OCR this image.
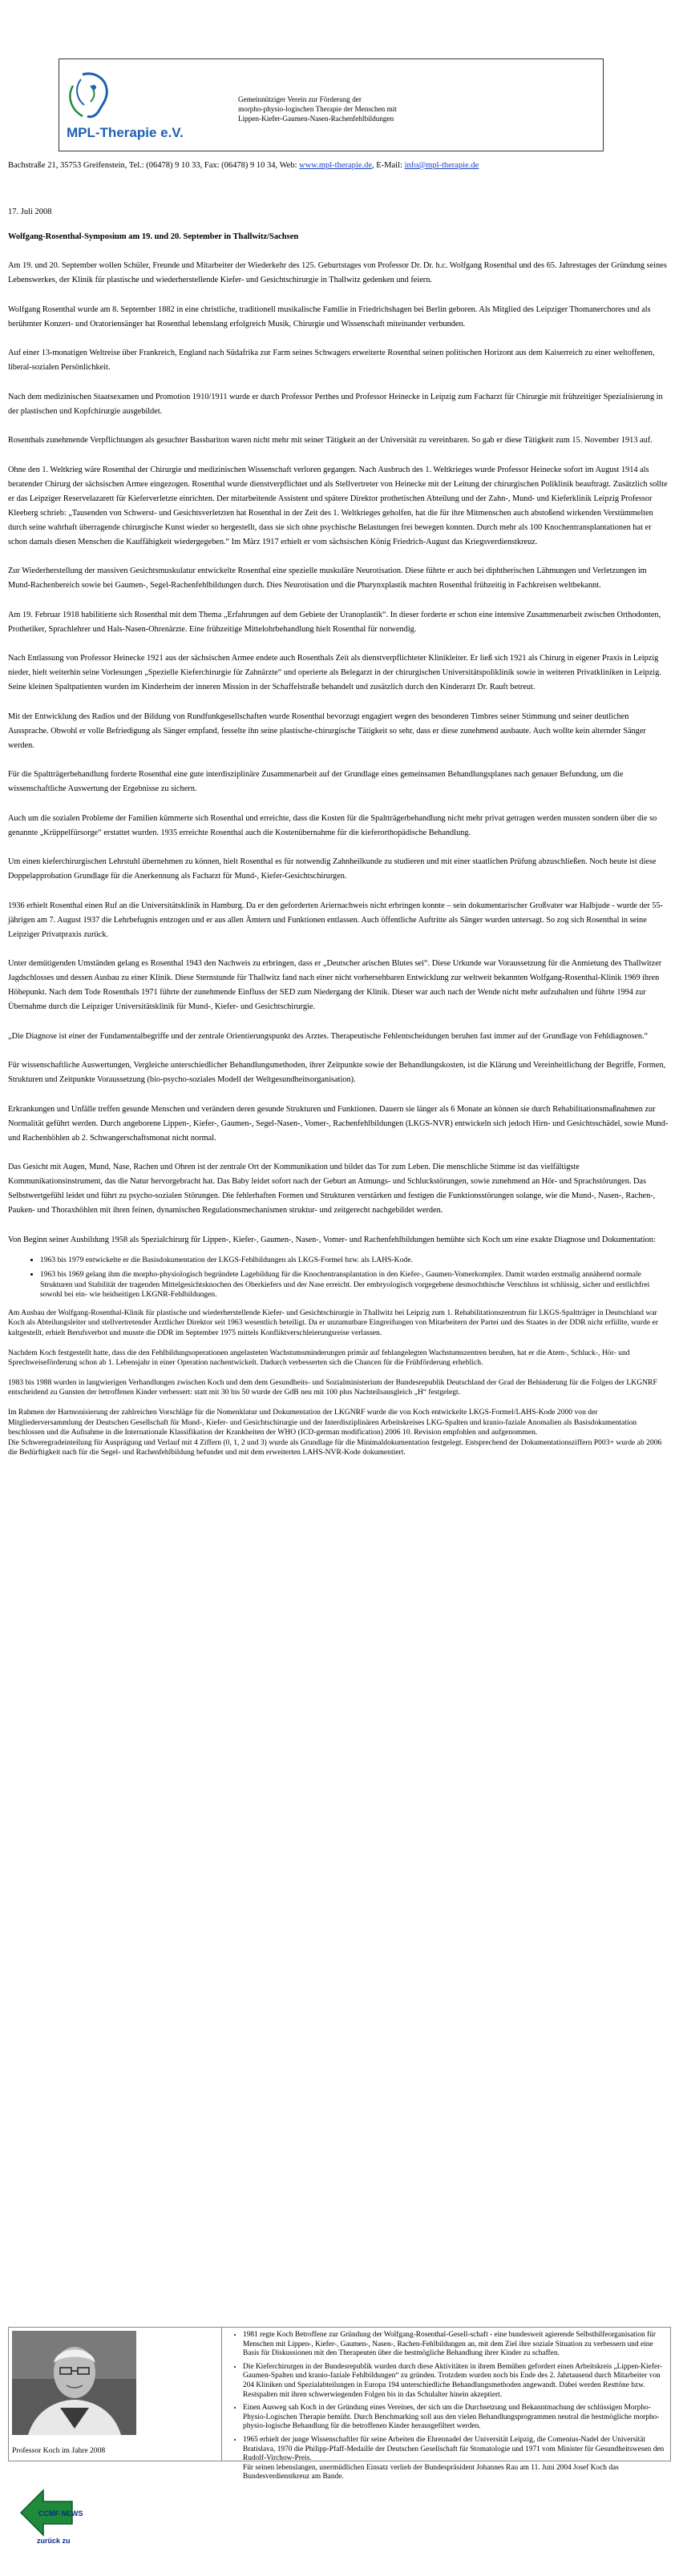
MPL-Therapie e.V.
Gemeinnütziger Verein zur Förderung der
morpho-physio-logischen Therapie der Menschen mit
Lippen-Kiefer-Gaumen-Nasen-Rachenfehlbildungen
Bachstraße 21, 35753 Greifenstein, Tel.: (06478) 9 10 33, Fax: (06478) 9 10 34, Web: www.mpl-therapie.de, E-Mail: info@mpl-therapie.de
17. Juli 2008
Wolfgang-Rosenthal-Symposium am 19. und 20. September in Thallwitz/Sachsen

Am 19. und 20. September wollen Schüler, Freunde und Mitarbeiter der Wiederkehr des 125. Geburtstages von Professor Dr. Dr. h.c. Wolfgang Rosenthal und des 65. Jahrestages der Gründung seines Lebenswerkes, der Klinik für plastische und wiederherstellende Kiefer- und Gesichtschirurgie in Thallwitz gedenken und feiern.

Wolfgang Rosenthal wurde am 8. September 1882 in eine christliche, traditionell musikalische Familie in Friedrichshagen bei Berlin geboren. Als Mitglied des Leipziger Thomanerchores und als berühmter Konzert- und Oratoriensänger hat Rosenthal lebenslang erfolgreich Musik, Chirurgie und Wissenschaft miteinander verbunden.

Auf einer 13-monatigen Weltreise über Frankreich, England nach Südafrika zur Farm seines Schwagers erweiterte Rosenthal seinen politischen Horizont aus dem Kaiserreich zu einer weltoffenen, liberal-sozialen Persönlichkeit.

Nach dem medizinischen Staatsexamen und Promotion 1910/1911 wurde er durch Professor Perthes und Professor Heinecke in Leipzig zum Facharzt für Chirurgie mit frühzeitiger Spezialisierung in der plastischen und Kopfchirurgie ausgebildet.

Rosenthals zunehmende Verpflichtungen als gesuchter Bassbariton waren nicht mehr mit seiner Tätigkeit an der Universität zu vereinbaren. So gab er diese Tätigkeit zum 15. November 1913 auf.

Ohne den 1. Weltkrieg wäre Rosenthal der Chirurgie und medizinischen Wissenschaft verloren gegangen. Nach Ausbruch des 1. Weltkrieges wurde Professor Heinecke sofort im August 1914 als beratender Chirurg der sächsischen Armee eingezogen. Rosenthal wurde dienstverpflichtet und als Stellvertreter von Heinecke mit der Leitung der chirurgischen Poliklinik beauftragt. Zusätzlich sollte er das Leipziger Reservelazarett für Kieferverletzte einrichten. Der mitarbeitende Assistent und spätere Direktor prothetischen Abteilung und der Zahn-, Mund- und Kieferklinik Leipzig Professor Kleeberg schrieb: „Tausenden von Schwerst- und Gesichtsverletzten hat Rosenthal in der Zeit des 1. Weltkrieges geholfen, hat die für ihre Mitmenschen auch abstoßend wirkenden Verstümmelten durch seine wahrhaft überragende chirurgische Kunst wieder so hergestellt, dass sie sich ohne psychische Belastungen frei bewegen konnten. Durch mehr als 100 Knochentransplantationen hat er schon damals diesen Menschen die Kauffähigkeit wiedergegeben.“ Im März 1917 erhielt er vom sächsischen König Friedrich-August das Kriegsverdienstkreuz.

Zur Wiederherstellung der massiven Gesichtsmuskulatur entwickelte Rosenthal eine spezielle muskuläre Neurotisation. Diese führte er auch bei diphtherischen Lähmungen und Verletzungen im Mund-Rachenbereich sowie bei Gaumen-, Segel-Rachenfehlbildungen durch. Dies Neurotisation und die Pharynxplastik machten Rosenthal frühzeitig in Fachkreisen weltbekannt.

Am 19. Februar 1918 habilitierte sich Rosenthal mit dem Thema „Erfahrungen auf dem Gebiete der Uranoplastik“. In dieser forderte er schon eine intensive Zusammenarbeit zwischen Orthodonten, Prothetiker, Sprachlehrer und Hals-Nasen-Ohrenärzte. Eine frühzeitige Mittelohrbehandlung hielt Rosenthal für notwendig.

Nach Entlassung von Professor Heinecke 1921 aus der sächsischen Armee endete auch Rosenthals Zeit als dienstverpflichteter Klinikleiter. Er ließ sich 1921 als Chirurg in eigener Praxis in Leipzig nieder, hielt weiterhin seine Vorlesungen „Spezielle Kieferchirurgie für Zahnärzte“ und operierte als Belegarzt in der chirurgischen Universitätspoliklinik sowie in weiteren Privatkliniken in Leipzig. Seine kleinen Spaltpatienten wurden im Kinderheim der inneren Mission in der Schaffelstraße behandelt und zusätzlich durch den Kinderarzt Dr. Rauft betreut.

Mit der Entwicklung des Radios und der Bildung von Rundfunkgesellschaften wurde Rosenthal bevorzugt engagiert wegen des besonderen Timbres seiner Stimmung und seiner deutlichen Aussprache. Obwohl er volle Befriedigung als Sänger empfand, fesselte ihn seine plastische-chirurgische Tätigkeit so sehr, dass er diese zunehmend ausbaute. Auch wollte kein alternder Sänger werden.

Für die Spaltträgerbehandlung forderte Rosenthal eine gute interdisziplinäre Zusammenarbeit auf der Grundlage eines gemeinsamen Behandlungsplanes nach genauer Befundung, um die wissenschaftliche Auswertung der Ergebnisse zu sichern.

Auch um die sozialen Probleme der Familien kümmerte sich Rosenthal und erreichte, dass die Kosten für die Spaltträgerbehandlung nicht mehr privat getragen werden mussten sondern über die so genannte „Krüppelfürsorge“ erstattet wurden. 1935 erreichte Rosenthal auch die Kostenübernahme für die kieferorthopädische Behandlung.

Um einen kieferchirurgischen Lehrstuhl übernehmen zu können, hielt Rosenthal es für notwendig Zahnheilkunde zu studieren und mit einer staatlichen Prüfung abzuschließen. Noch heute ist diese Doppelapprobation Grundlage für die Anerkennung als Facharzt für Mund-, Kiefer-Gesichtschirurgen.

1936 erhielt Rosenthal einen Ruf an die Universitätsklinik in Hamburg. Da er den geforderten Ariernachweis nicht erbringen konnte – sein dokumentarischer Großvater war Halbjude - wurde der 55-jährigen am 7. August 1937 die Lehrbefugnis entzogen und er aus allen Ämtern und Funktionen entlassen. Auch öffentliche Auftritte als Sänger wurden untersagt. So zog sich Rosenthal in seine Leipziger Privatpraxis zurück.

Unter demütigenden Umständen gelang es Rosenthal 1943 den Nachweis zu erbringen, dass er „Deutscher arischen Blutes sei“. Diese Urkunde war Voraussetzung für die Anmietung des Thallwitzer Jagdschlosses und dessen Ausbau zu einer Klinik. Diese Sternstunde für Thallwitz fand nach einer nicht vorhersehbaren Entwicklung zur weltweit bekannten Wolfgang-Rosenthal-Klinik 1969 ihren Höhepunkt. Nach dem Tode Rosenthals 1971 führte der zunehmende Einfluss der SED zum Niedergang der Klinik. Dieser war auch nach der Wende nicht mehr aufzuhalten und führte 1994 zur Übernahme durch die Leipziger Universitätsklinik für Mund-, Kiefer- und Gesichtschirurgie.

„Die Diagnose ist einer der Fundamentalbegriffe und der zentrale Orientierungspunkt des Arztes. Therapeutische Fehlentscheidungen beruhen fast immer auf der Grundlage von Fehldiagnosen.“

Für wissenschaftliche Auswertungen, Vergleiche unterschiedlicher Behandlungsmethoden, ihrer Zeitpunkte sowie der Behandlungskosten, ist die Klärung und Vereinheitlichung der Begriffe, Formen, Strukturen und Zeitpunkte Voraussetzung (bio-psycho-soziales Modell der Weltgesundheitsorganisation).

Erkrankungen und Unfälle treffen gesunde Menschen und verändern deren gesunde Strukturen und Funktionen. Dauern sie länger als 6 Monate an können sie durch Rehabilitationsmaßnahmen zur Normalität geführt werden. Durch angeborene Lippen-, Kiefer-, Gaumen-, Segel-Nasen-, Vomer-, Rachenfehlbildungen (LKGS-NVR) entwickeln sich jedoch Hirn- und Gesichtsschädel, sowie Mund- und Rachenhöhlen ab 2. Schwangerschaftsmonat nicht normal.

Das Gesicht mit Augen, Mund, Nase, Rachen und Ohren ist der zentrale Ort der Kommunikation und bildet das Tor zum Leben. Die menschliche Stimme ist das vielfältigste Kommunikationsinstrument, das die Natur hervorgebracht hat. Das Baby leidet sofort nach der Geburt an Atmungs- und Schluckstörungen, sowie zunehmend an Hör- und Sprachstörungen. Das Selbstwertgefühl leidet und führt zu psycho-sozialen Störungen. Die fehlerhaften Formen und Strukturen verstärken und festigen die Funktionsstörungen solange, wie die Mund-, Nasen-, Rachen-, Pauken- und Thoraxhöhlen mit ihren feinen, dynamischen Regulationsmechanismen struktur- und zeitgerecht nachgebildet werden.

Von Beginn seiner Ausbildung 1958 als Spezialchirurg für Lippen-, Kiefer-, Gaumen-, Nasen-, Vomer- und Rachenfehlbildungen bemühte sich Koch um eine exakte Diagnose und Dokumentation:

• 1963 bis 1979 entwickelte er die Basisdokumentation der LKGS-Fehlbildungen als LKGS-Formel bzw. als LAHS-Kode.
• 1963 bis 1969 gelang ihm die morpho-physiologisch begründete Lagebildung für die Knochentransplantation in den Kiefer-, Gaumen-Vomerkomplex. Damit wurden erstmalig annähernd normale Strukturen und Stabilität der tragenden Mittelgesichtsknochen des Oberkiefers und der Nase erreicht. Der embryologisch vorgegebene desmochthische Verschluss ist schlüssig, sicher und erstlichfrei sowohl bei ein- wie beidseitigen LKGNR-Fehlbildungen.

Am Ausbau der Wolfgang-Rosenthal-Klinik für plastische und wiederherstellende Kiefer- und Gesichtschirurgie in Thallwitz bei Leipzig zum 1. Rehabilitationszentrum für LKGS-Spaltträger in Deutschland war Koch als Abteilungsleiter und stellvertretender Ärztlicher Direktor seit 1963 wesentlich beteiligt. Da er unzumutbare Eingreifungen von Mitarbeitern der Partei und des Staates in der DDR nicht erfüllte, wurde er kaltgestellt, erhielt Berufsverbot und musste die DDR im September 1975 mittels Konfliktverschleierungsreise verlassen.

Nachdem Koch festgestellt hatte, dass die den Fehlbildungsoperationen angelasteten Wachstumsminderungen primär auf fehlangelegten Wachstumszentren beruhen, hat er die Atem-, Schluck-, Hör- und Sprechweiseförderung schon ab 1. Lebensjahr in einer Operation nachentwickelt. Dadurch verbesserten sich die Chancen für die Frühförderung erheblich.

1983 bis 1988 wurden in langwierigen Verhandlungen zwischen Koch und dem dem Gesundheits- und Sozialministerium der Bundesrepublik Deutschland der Grad der Behinderung für die Folgen der LKGNRF entscheidend zu Gunsten der betroffenen Kinder verbessert: statt mit 30 bis 50 wurde der GdB neu mit 100 plus Nachteilsausgleich „H“ festgelegt.

Im Rahmen der Harmonisierung der zahlreichen Vorschläge für die Nomenklatur und Dokumentation der LKGNRF wurde die von Koch entwickelte LKGS-Formel/LAHS-Kode 2000 von der Mitgliederversammlung der Deutschen Gesellschaft für Mund-, Kiefer- und Gesichtschirurgie und der Interdisziplinären Arbeitskreises LKG-Spalten und kranio-faziale Anomalien als Basisdokumentation beschlossen und die Aufnahme in die Internationale Klassifikation der Krankheiten der WHO (ICD-german modification) 2006 10. Revision empfohlen und aufgenommen.

Die Schweregradeinteilung für Ausprägung und Verlauf mit 4 Ziffern (0, 1, 2 und 3) wurde als Grundlage für die Minimaldokumentation festgelegt. Entsprechend der Dokumentationsziffern P003+ wurde ab 2006 die Bedürftigkeit nach für die Segel- und Rachenfehlbildung befundet und mit dem erweiterten LAHS-NVR-Kode dokumentiert.

Professor Koch im Jahre 2008
• 1981 regte Koch Betroffene zur Gründung der Wolfgang-Rosenthal-Gesell-schaft - eine bundesweit agierende Selbsthilfeorganisation für Menschen mit Lippen-, Kiefer-, Gaumen-, Nasen-, Rachen-Fehlbildungen an, mit dem Ziel ihre soziale Situation zu verbessern und eine Basis für Diskussionen mit den Therapeuten über die bestmögliche Behandlung ihrer Kinder zu schaffen.
• Die Kieferchirurgen in der Bundesrepublik wurden durch diese Aktivitäten in ihrem Bemühen gefordert einen Arbeitskreis „Lippen-Kiefer-Gaumen-Spalten und kranio-faziale Fehlbildungen“ zu gründen. Trotzdem wurden noch bis Ende des 2. Jahrtausend durch Mitarbeiter von 204 Kliniken und Spezialabteilungen in Europa 194 unterschiedliche Behandlungsmethoden angewandt. Dabei werden Resttöne bzw. Restspalten mit ihren schwerwiegenden Folgen bis in das Schulalter hinein akzeptiert.
• Einen Ausweg sah Koch in der Gründung eines Vereines, der sich um die Durchsetzung und Bekanntmachung der schlüssigen Morpho-Physio-Logischen Therapie bemüht. Durch Benchmarking soll aus den vielen Behandlungsprogrammen neutral die bestmögliche morpho-physio-logische Behandlung für die betroffenen Kinder herausgefiltert werden.
• 1965 erhielt der junge Wissenschaftler für seine Arbeiten die Ehrennadel der Universität Leipzig, die Comenius-Nadel der Universität Bratislava, 1970 die Philipp-Pfaff-Medaille der Deutschen Gesellschaft für Stomatologie und 1971 vom Minister für Gesundheitswesen den Rudolf-Virchow-Preis.
Für seinen lebenslangen, unermüdlichen Einsatz verlieh der Bundespräsident Johannes Rau am 11. Juni 2004 Josef Koch das Bundesverdienstkreuz am Bande.
CCMF NEWS
zurück zu
